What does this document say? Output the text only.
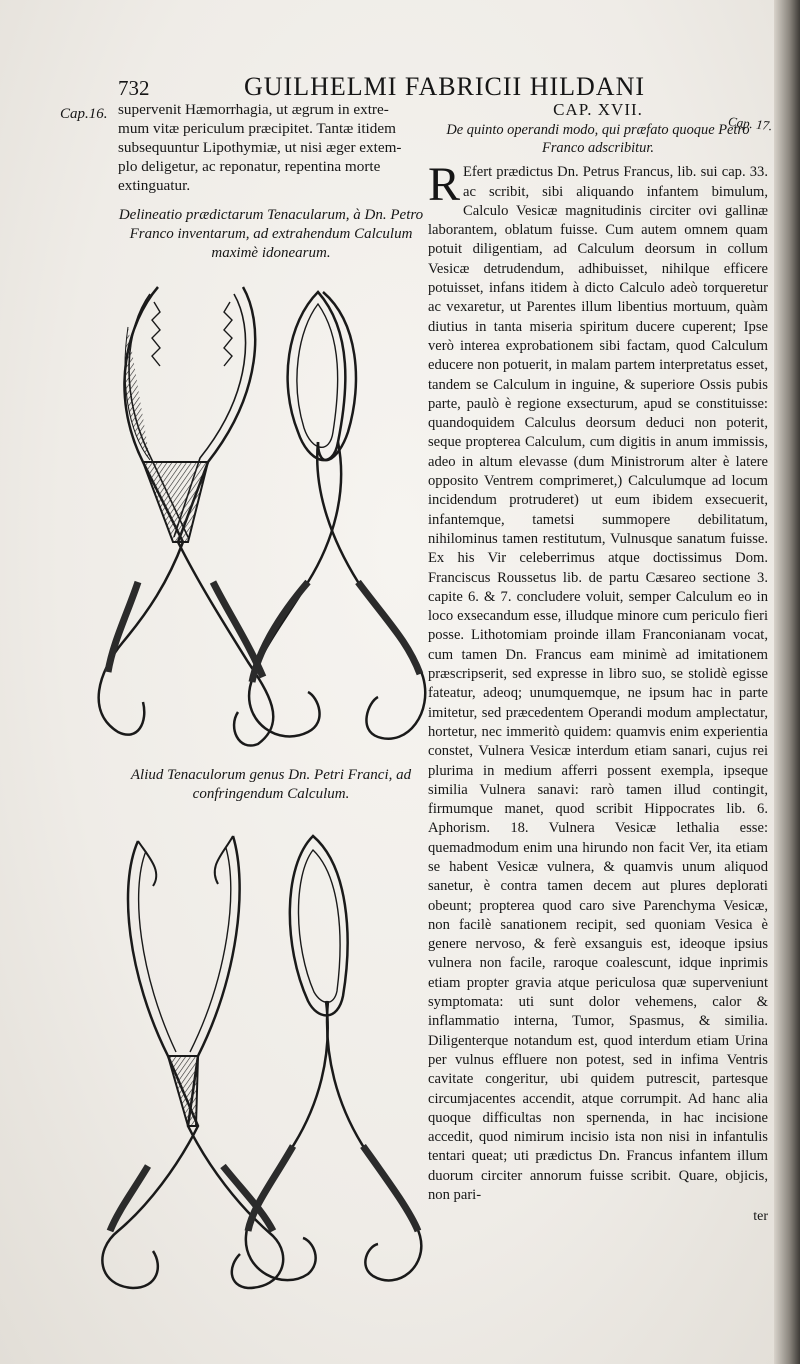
732	GUILHELMI FABRICII HILDANI
Cap.16.	Cap. 17.
supervenit Hæmorrhagia, ut ægrum in extre-
mum vitæ periculum præcipitet. Tantæ itidem
subsequuntur Lipothymiæ, ut nisi æger extem-
plo deligetur, ac reponatur, repentina morte
extinguatur.
Delineatio prædictarum Tenacularum, à Dn. Petro Franco inventarum, ad extrahendum Calculum maximè idonearum.
Aliud Tenaculorum genus Dn. Petri Franci, ad confringendum Calculum.
CAP. XVII.
De quinto operandi modo, qui præfato quoque Petro Franco adscribitur.
R Efert prædictus Dn. Petrus Francus, lib. sui cap. 33. ac scribit, sibi aliquando infantem bimulum, Calculo Vesicæ magnitudinis circiter ovi gallinæ laborantem, oblatum fuisse. Cum autem omnem quam potuit diligentiam, ad Calculum deorsum in collum Vesicæ detrudendum, adhibuisset, nihilque efficere potuisset, infans itidem à dicto Calculo adeò torqueretur ac vexaretur, ut Parentes illum libentius mortuum, quàm diutius in tanta miseria spiritum ducere cuperent; Ipse verò interea exprobationem sibi factam, quod Calculum educere non potuerit, in malam partem interpretatus esset, tandem se Calculum in inguine, & superiore Ossis pubis parte, paulò è regione exsecturum, apud se constituisse: quandoquidem Calculus deorsum deduci non poterit, seque propterea Calculum, cum digitis in anum immissis, adeo in altum elevasse (dum Ministrorum alter è latere opposito Ventrem comprimeret,) Calculumque ad locum incidendum protruderet) ut eum ibidem exsecuerit, infantemque, tametsi summopere debilitatum, nihilominus tamen restitutum, Vulnusque sanatum fuisse. Ex his Vir celeberrimus atque doctissimus Dom. Franciscus Roussetus lib. de partu Cæsareo sectione 3. capite 6. & 7. concludere voluit, semper Calculum eo in loco exsecandum esse, illudque minore cum periculo fieri posse. Lithotomiam proinde illam Franconianam vocat, cum tamen Dn. Francus eam minimè ad imitationem præscripserit, sed expresse in libro suo, se stolidè egisse fateatur, adeoq; unumquemque, ne ipsum hac in parte imitetur, sed præcedentem Operandi modum amplectatur, hortetur, nec immeritò quidem: quamvis enim experientia constet, Vulnera Vesicæ interdum etiam sanari, cujus rei plurima in medium afferri possent exempla, ipseque similia Vulnera sanavi: rarò tamen illud contingit, firmumque manet, quod scribit Hippocrates lib. 6. Aphorism. 18. Vulnera Vesicæ lethalia esse: quemadmodum enim una hirundo non facit Ver, ita etiam se habent Vesicæ vulnera, & quamvis unum aliquod sanetur, è contra tamen decem aut plures deplorati obeunt; propterea quod caro sive Parenchyma Vesicæ, non facilè sanationem recipit, sed quoniam Vesica è genere nervoso, & ferè exsanguis est, ideoque ipsius vulnera non facile, raroque coalescunt, idque inprimis etiam propter gravia atque periculosa quæ superveniunt symptomata: uti sunt dolor vehemens, calor & inflammatio interna, Tumor, Spasmus, & similia. Diligenterque notandum est, quod interdum etiam Urina per vulnus effluere non potest, sed in infima Ventris cavitate congeritur, ubi quidem putrescit, partesque circumjacentes accendit, atque corrumpit. Ad hanc alia quoque difficultas non spernenda, in hac incisione accedit, quod nimirum incisio ista non nisi in infantulis tentari queat; uti prædictus Dn. Francus infantem illum duorum circiter annorum fuisse scribit. Quare, objicis, non pari-
ter
